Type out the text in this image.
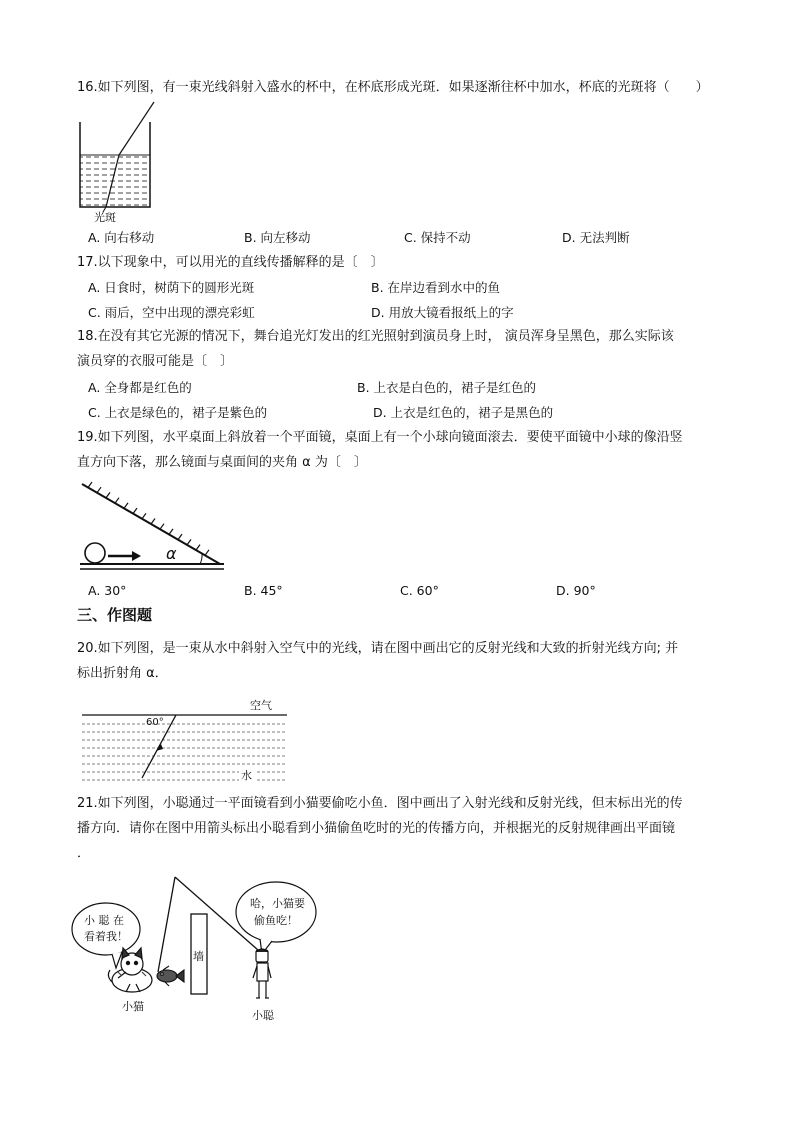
16.如下列图，有一束光线斜射入盛水的杯中，在杯底形成光斑．如果逐渐往杯中加水，杯底的光斑将（　　）
光斑
A. 向右移动	B. 向左移动	C. 保持不动	D. 无法判断
17.以下现象中，可以用光的直线传播解释的是〔　〕
A. 日食时，树荫下的圆形光斑	B. 在岸边看到水中的鱼
C. 雨后，空中出现的漂亮彩虹	D. 用放大镜看报纸上的字
18.在没有其它光源的情况下，舞台追光灯发出的红光照射到演员身上时， 演员浑身呈黑色，那么实际该
演员穿的衣服可能是〔　〕
A. 全身都是红色的	B. 上衣是白色的，裙子是红色的
C. 上衣是绿色的，裙子是紫色的	D. 上衣是红色的，裙子是黑色的
19.如下列图，水平桌面上斜放着一个平面镜，桌面上有一个小球向镜面滚去．要使平面镜中小球的像沿竖
直方向下落，那么镜面与桌面间的夹角 α 为〔　〕
α
A. 30°	B. 45°	C. 60°	D. 90°
三、作图题
20.如下列图，是一束从水中斜射入空气中的光线，请在图中画出它的反射光线和大致的折射光线方向; 并
标出折射角 α．
空气
60°
水
21.如下列图，小聪通过一平面镜看到小猫要偷吃小鱼．图中画出了入射光线和反射光线，但末标出光的传
播方向．请你在图中用箭头标出小聪看到小猫偷鱼吃时的光的传播方向，并根据光的反射规律画出平面镜
．
小 聪 在
看着我！
哈，小猫要
偷鱼吃！
墙
小猫
小聪
